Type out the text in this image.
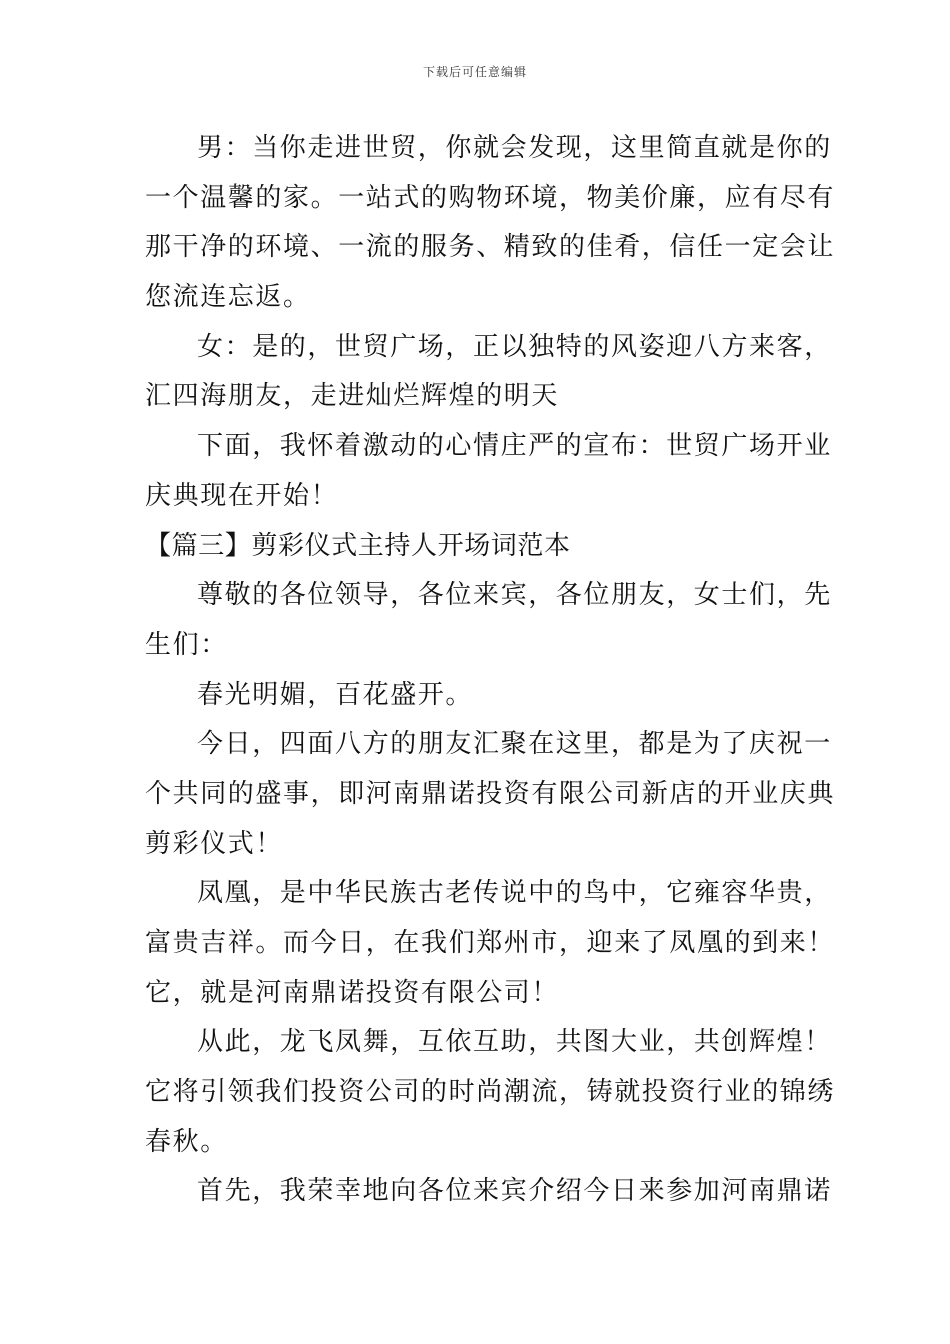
下载后可任意编辑
男：当你走进世贸，你就会发现，这里简直就是你的
一个温馨的家。一站式的购物环境，物美价廉，应有尽有
那干净的环境、一流的服务、精致的佳肴，信任一定会让
您流连忘返。
女：是的，世贸广场，正以独特的风姿迎八方来客，
汇四海朋友，走进灿烂辉煌的明天
下面，我怀着激动的心情庄严的宣布：世贸广场开业
庆典现在开始！
【篇三】剪彩仪式主持人开场词范本
尊敬的各位领导，各位来宾，各位朋友，女士们，先
生们：
春光明媚，百花盛开。
今日，四面八方的朋友汇聚在这里，都是为了庆祝一
个共同的盛事，即河南鼎诺投资有限公司新店的开业庆典
剪彩仪式！
凤凰，是中华民族古老传说中的鸟中，它雍容华贵，
富贵吉祥。而今日，在我们郑州市，迎来了凤凰的到来！
它，就是河南鼎诺投资有限公司！
从此，龙飞凤舞，互依互助，共图大业，共创辉煌！
它将引领我们投资公司的时尚潮流，铸就投资行业的锦绣
春秋。
首先，我荣幸地向各位来宾介绍今日来参加河南鼎诺
